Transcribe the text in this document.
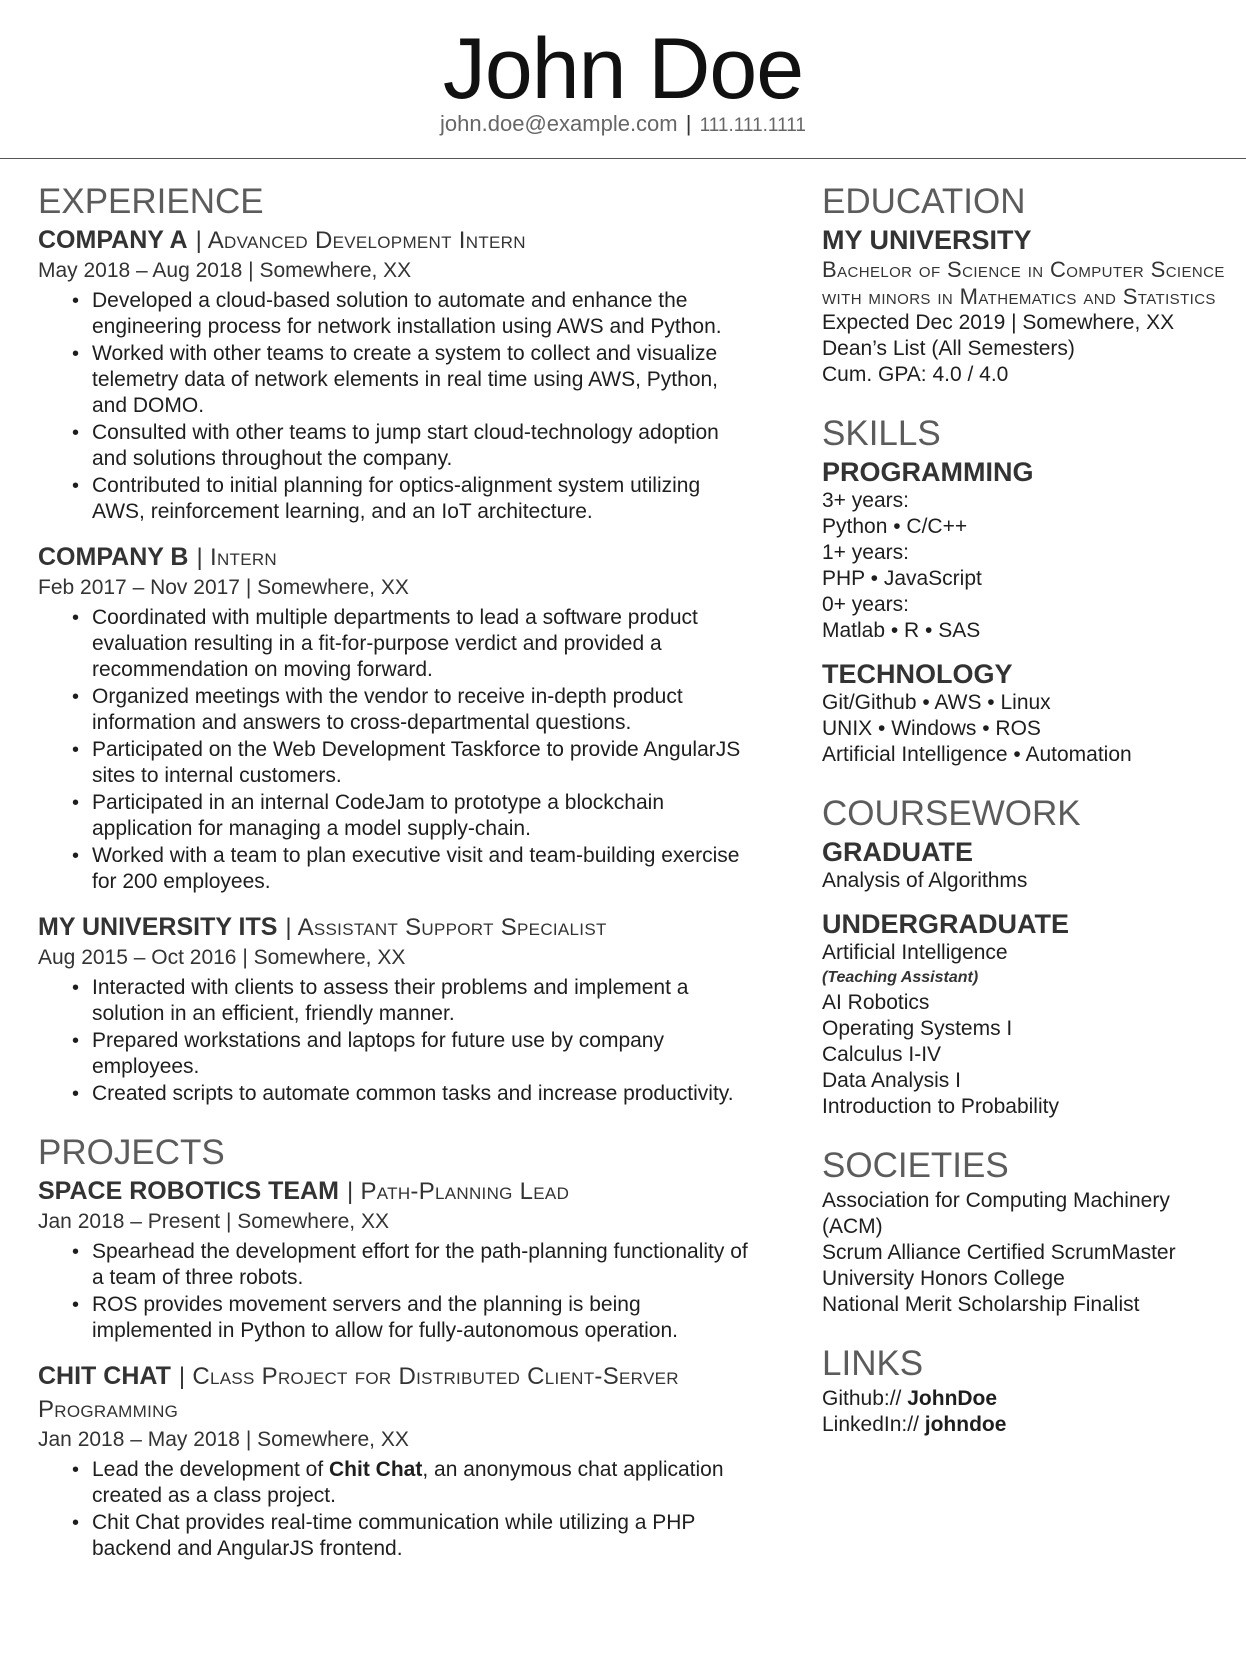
John Doe
john.doe@example.com | 111.111.1111
EXPERIENCE

COMPANY A | Advanced Development Intern

May 2018 – Aug 2018 | Somewhere, XX

• Developed a cloud-based solution to automate and enhance the engineering process for network installation using AWS and Python.
• Worked with other teams to create a system to collect and visualize telemetry data of network elements in real time using AWS, Python, and DOMO.
• Consulted with other teams to jump start cloud-technology adoption and solutions throughout the company.
• Contributed to initial planning for optics-alignment system utilizing AWS, reinforcement learning, and an IoT architecture.

COMPANY B | Intern

Feb 2017 – Nov 2017 | Somewhere, XX

• Coordinated with multiple departments to lead a software product evaluation resulting in a fit-for-purpose verdict and provided a recommendation on moving forward.
• Organized meetings with the vendor to receive in-depth product information and answers to cross-departmental questions.
• Participated on the Web Development Taskforce to provide AngularJS sites to internal customers.
• Participated in an internal CodeJam to prototype a blockchain application for managing a model supply-chain.
• Worked with a team to plan executive visit and team-building exercise for 200 employees.

MY UNIVERSITY ITS | Assistant Support Specialist

Aug 2015 – Oct 2016 | Somewhere, XX

• Interacted with clients to assess their problems and implement a solution in an efficient, friendly manner.
• Prepared workstations and laptops for future use by company employees.
• Created scripts to automate common tasks and increase productivity.
PROJECTS

SPACE ROBOTICS TEAM | Path-Planning Lead

Jan 2018 – Present | Somewhere, XX

• Spearhead the development effort for the path-planning functionality of a team of three robots.
• ROS provides movement servers and the planning is being implemented in Python to allow for fully-autonomous operation.

CHIT CHAT | Class Project for Distributed Client-Server Programming

Jan 2018 – May 2018 | Somewhere, XX

• Lead the development of Chit Chat, an anonymous chat application created as a class project.
• Chit Chat provides real-time communication while utilizing a PHP backend and AngularJS frontend.
EDUCATION

MY UNIVERSITY

Bachelor of Science in Computer Science with minors in Mathematics and Statistics

Expected Dec 2019 | Somewhere, XX

Dean’s List (All Semesters)

Cum. GPA: 4.0 / 4.0

SKILLS

PROGRAMMING

3+ years:

Python • C/C++

1+ years:

PHP • JavaScript

0+ years:

Matlab • R • SAS

TECHNOLOGY

Git/Github • AWS • Linux

UNIX • Windows • ROS

Artificial Intelligence • Automation

COURSEWORK

GRADUATE

Analysis of Algorithms

UNDERGRADUATE

Artificial Intelligence

(Teaching Assistant)

AI Robotics

Operating Systems I

Calculus I-IV

Data Analysis I

Introduction to Probability

SOCIETIES

Association for Computing Machinery (ACM)

Scrum Alliance Certified ScrumMaster

University Honors College

National Merit Scholarship Finalist

LINKS

Github:// JohnDoe

LinkedIn:// johndoe
